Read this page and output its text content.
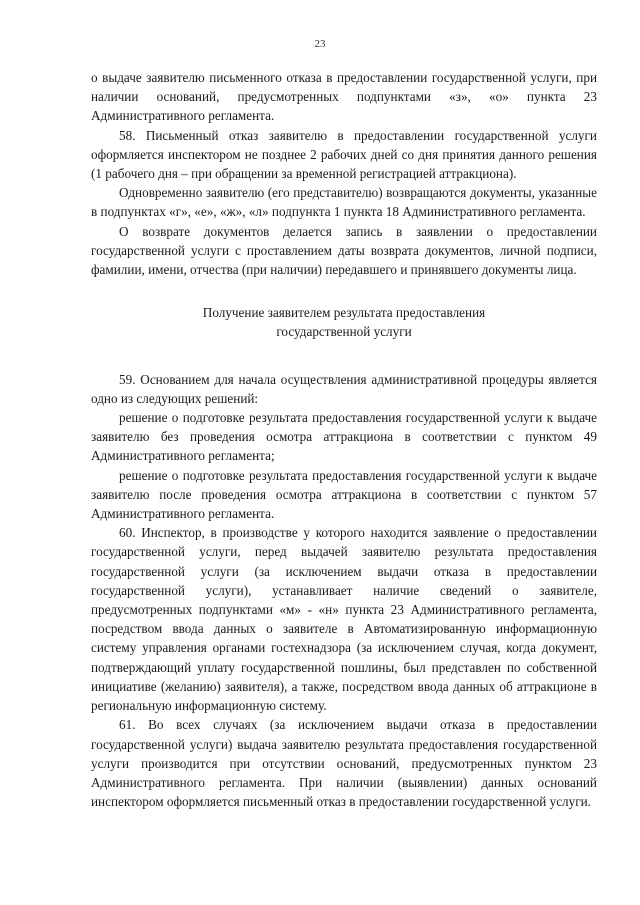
23

о выдаче заявителю письменного отказа в предоставлении государственной услуги, при наличии оснований, предусмотренных подпунктами «з», «о» пункта 23 Административного регламента.

58. Письменный отказ заявителю в предоставлении государственной услуги оформляется инспектором не позднее 2 рабочих дней со дня принятия данного решения (1 рабочего дня – при обращении за временной регистрацией аттракциона).

Одновременно заявителю (его представителю) возвращаются документы, указанные в подпунктах «г», «е», «ж», «л» подпункта 1 пункта 18 Административного регламента.

О возврате документов делается запись в заявлении о предоставлении государственной услуги с проставлением даты возврата документов, личной подписи, фамилии, имени, отчества (при наличии) передавшего и принявшего документы лица.

Получение заявителем результата предоставления
государственной услуги

59. Основанием для начала осуществления административной процедуры является одно из следующих решений:

решение о подготовке результата предоставления государственной услуги к выдаче заявителю без проведения осмотра аттракциона в соответствии с пунктом 49 Административного регламента;

решение о подготовке результата предоставления государственной услуги к выдаче заявителю после проведения осмотра аттракциона в соответствии с пунктом 57 Административного регламента.

60. Инспектор, в производстве у которого находится заявление о предоставлении государственной услуги, перед выдачей заявителю результата предоставления государственной услуги (за исключением выдачи отказа в предоставлении государственной услуги), устанавливает наличие сведений о заявителе, предусмотренных подпунктами «м» - «н» пункта 23 Административного регламента, посредством ввода данных о заявителе в Автоматизированную информационную систему управления органами гостехнадзора (за исключением случая, когда документ, подтверждающий уплату государственной пошлины, был представлен по собственной инициативе (желанию) заявителя), а также, посредством ввода данных об аттракционе в региональную информационную систему.

61. Во всех случаях (за исключением выдачи отказа в предоставлении государственной услуги) выдача заявителю результата предоставления государственной услуги производится при отсутствии оснований, предусмотренных пунктом 23 Административного регламента. При наличии (выявлении) данных оснований инспектором оформляется письменный отказ в предоставлении государственной услуги.
